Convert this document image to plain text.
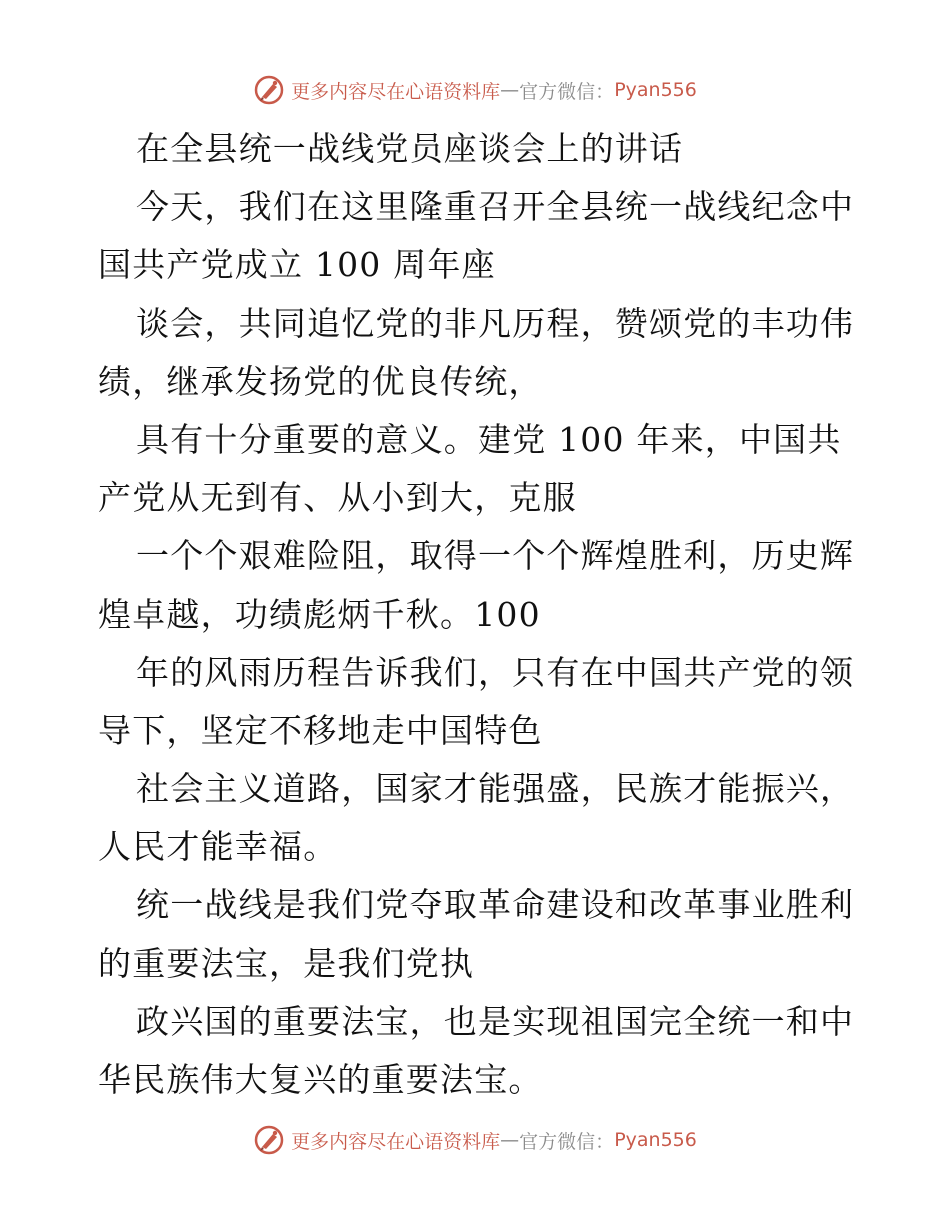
更多内容尽在心语资料库 — 官方微信： Pyan556
在全县统一战线党员座谈会上的讲话
今天，我们在这里隆重召开全县统一战线纪念中
国共产党成立 100 周年座
谈会，共同追忆党的非凡历程，赞颂党的丰功伟
绩，继承发扬党的优良传统，
具有十分重要的意义。建党 100 年来，中国共
产党从无到有、从小到大，克服
一个个艰难险阻，取得一个个辉煌胜利，历史辉
煌卓越，功绩彪炳千秋。100
年的风雨历程告诉我们，只有在中国共产党的领
导下，坚定不移地走中国特色
社会主义道路，国家才能强盛，民族才能振兴，
人民才能幸福。
统一战线是我们党夺取革命建设和改革事业胜利
的重要法宝，是我们党执
政兴国的重要法宝，也是实现祖国完全统一和中
华民族伟大复兴的重要法宝。
更多内容尽在心语资料库 — 官方微信： Pyan556
